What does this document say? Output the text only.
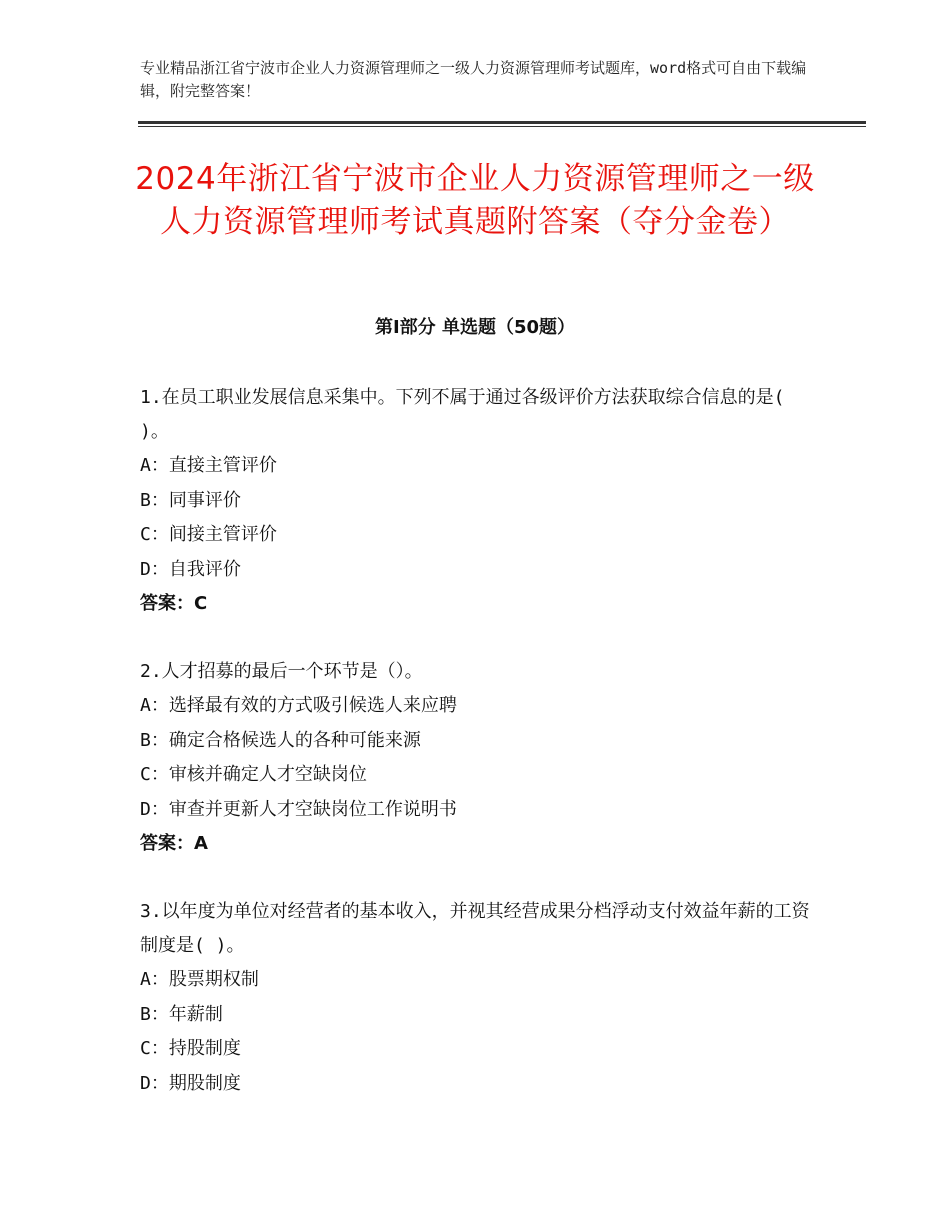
专业精品浙江省宁波市企业人力资源管理师之一级人力资源管理师考试题库，word格式可自由下载编辑，附完整答案！
2024年浙江省宁波市企业人力资源管理师之一级人力资源管理师考试真题附答案（夺分金卷）
第Ⅰ部分 单选题（50题）
1.在员工职业发展信息采集中。下列不属于通过各级评价方法获取综合信息的是( )。
A：直接主管评价
B：同事评价
C：间接主管评价
D：自我评价
答案：C
2.人才招募的最后一个环节是（）。
A：选择最有效的方式吸引候选人来应聘
B：确定合格候选人的各种可能来源
C：审核并确定人才空缺岗位
D：审查并更新人才空缺岗位工作说明书
答案：A
3.以年度为单位对经营者的基本收入，并视其经营成果分档浮动支付效益年薪的工资制度是( )。
A：股票期权制
B：年薪制
C：持股制度
D：期股制度
